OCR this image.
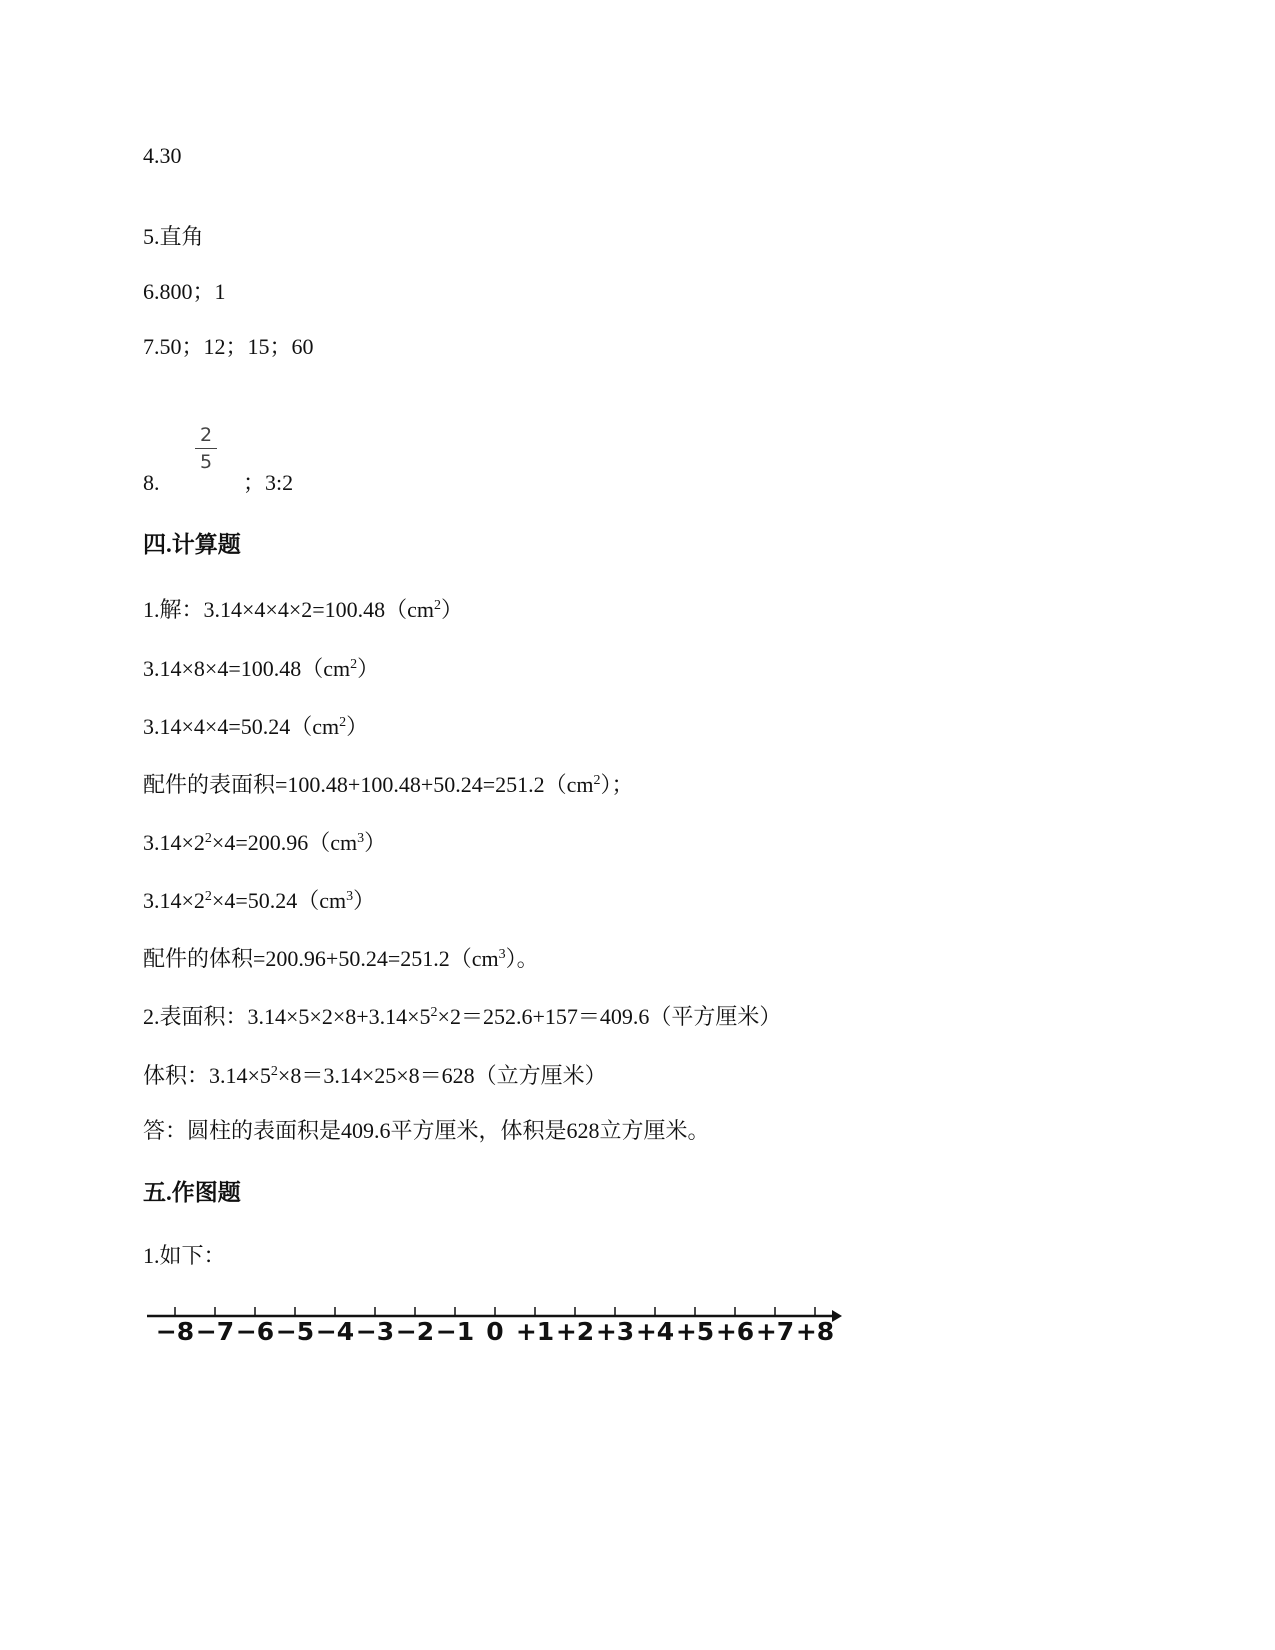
4.30
5.直角
6.800；1
7.50；12；15；60
8.
2
5
；3:2
四.计算题
1.解：$3.14\times 4\times 4\times 2=100.48(cm^2)$
$3.14\times 8\times 4=100.48(cm^2)$
$3.14\times 4\times 4=50.24(cm^2)$
配件的表面积$=100.48+100.48+50.24=251.2(cm^2)$；
$3.14\times 2^2\times 4=200.96(cm^3)$
$3.14\times 2^2\times 4=50.24(cm^3)$
配件的体积$=200.96+50.24=251.2(cm^3)$。
2.表面积：$3.14\times 5\times 2\times 8+3.14\times 5^2\times 2=252.6+157=409.6$（平方厘米）
体积：$3.14\times 5^2\times 8=3.14\times 25\times 8=628$（立方厘米）
答：圆柱的表面积是409.6平方厘米，体积是628立方厘米。
五.作图题
1.如下：
−8 −7 −6 −5 −4 −3 −2 −1 0 +1 +2 +3 +4 +5 +6 +7 +8
